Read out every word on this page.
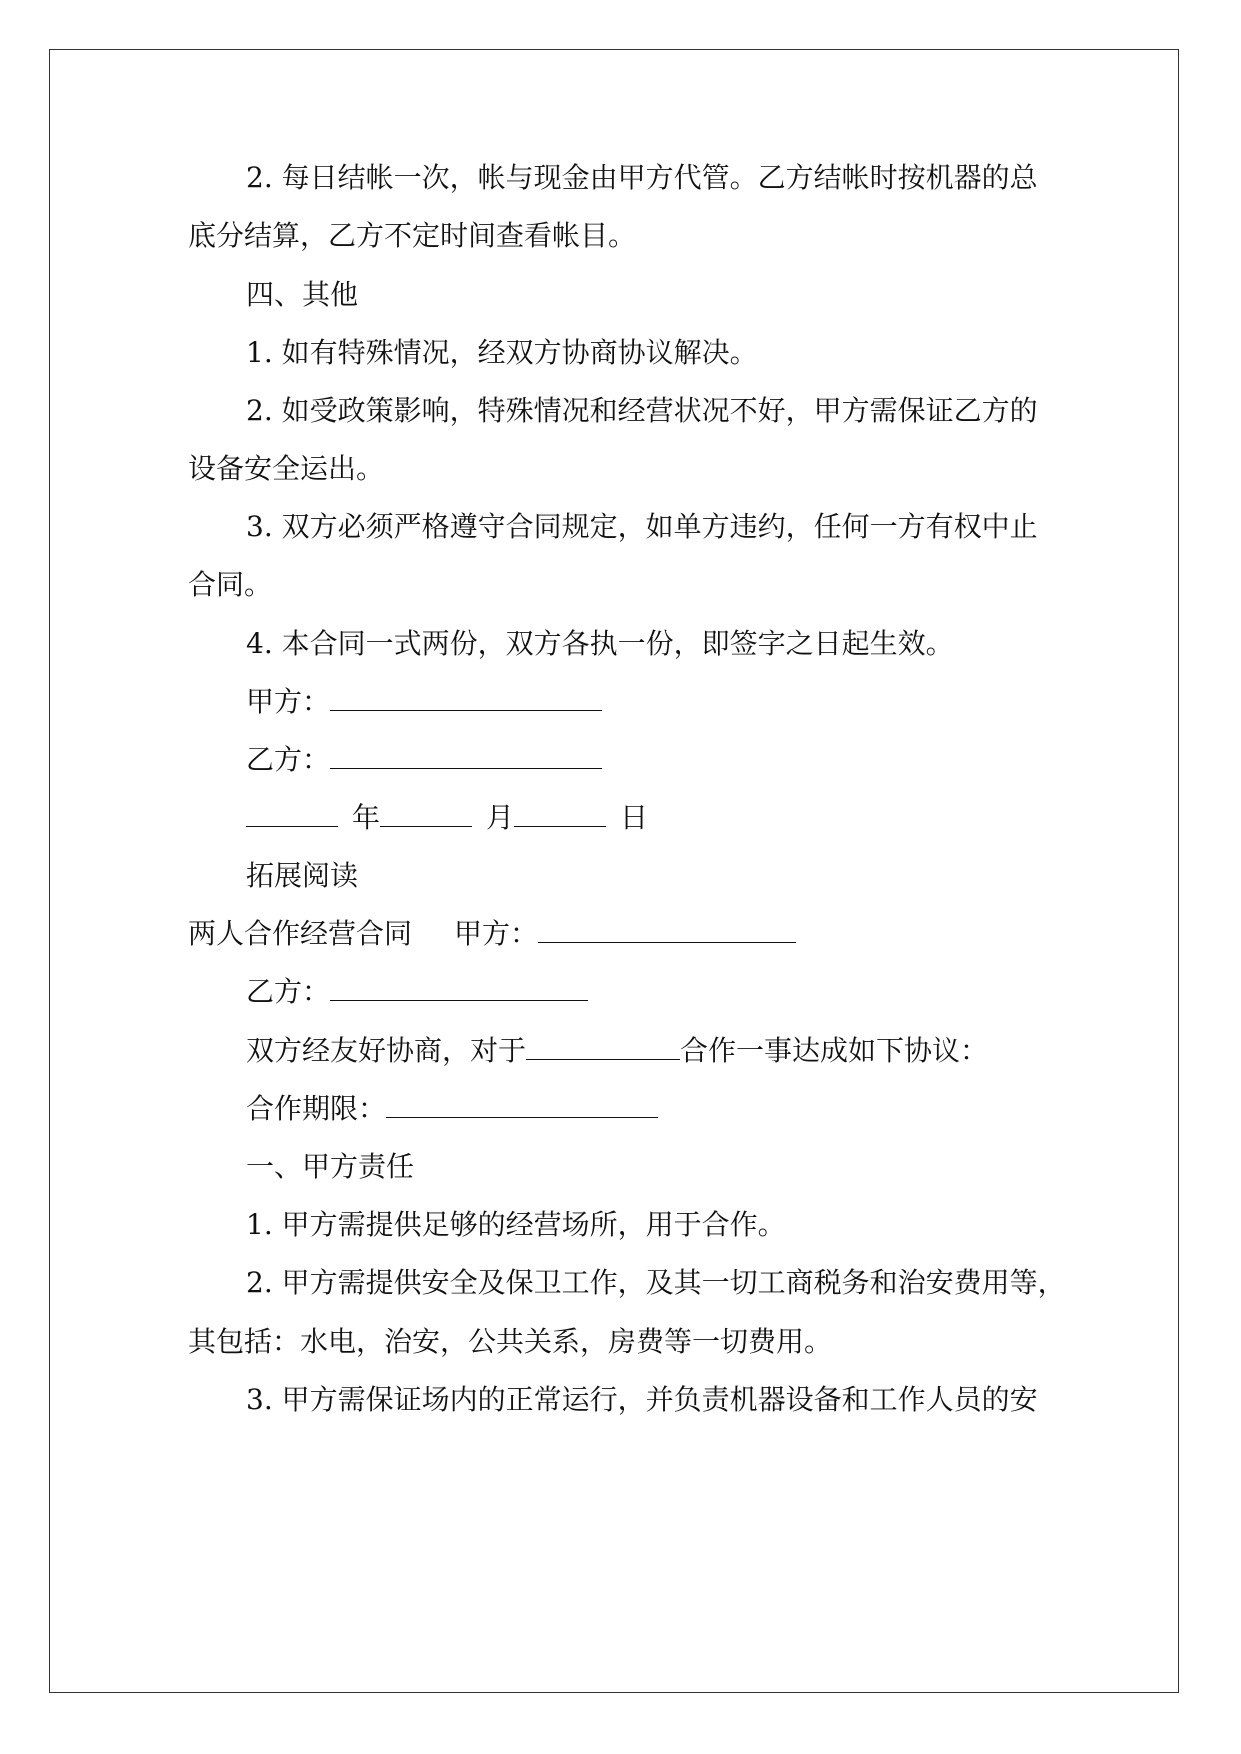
2. 每日结帐一次，帐与现金由甲方代管。乙方结帐时按机器的总
底分结算，乙方不定时间查看帐目。
四、其他
1. 如有特殊情况，经双方协商协议解决。
2. 如受政策影响，特殊情况和经营状况不好，甲方需保证乙方的
设备安全运出。
3. 双方必须严格遵守合同规定，如单方违约，任何一方有权中止
合同。
4. 本合同一式两份，双方各执一份，即签字之日起生效。
甲方：
乙方：
年	月	日
拓展阅读
两人合作经营合同 甲方：
乙方：
双方经友好协商，对于	合作一事达成如下协议：
合作期限：
一、甲方责任
1. 甲方需提供足够的经营场所，用于合作。
2. 甲方需提供安全及保卫工作，及其一切工商税务和治安费用等，
其包括：水电，治安，公共关系，房费等一切费用。
3. 甲方需保证场内的正常运行，并负责机器设备和工作人员的安
